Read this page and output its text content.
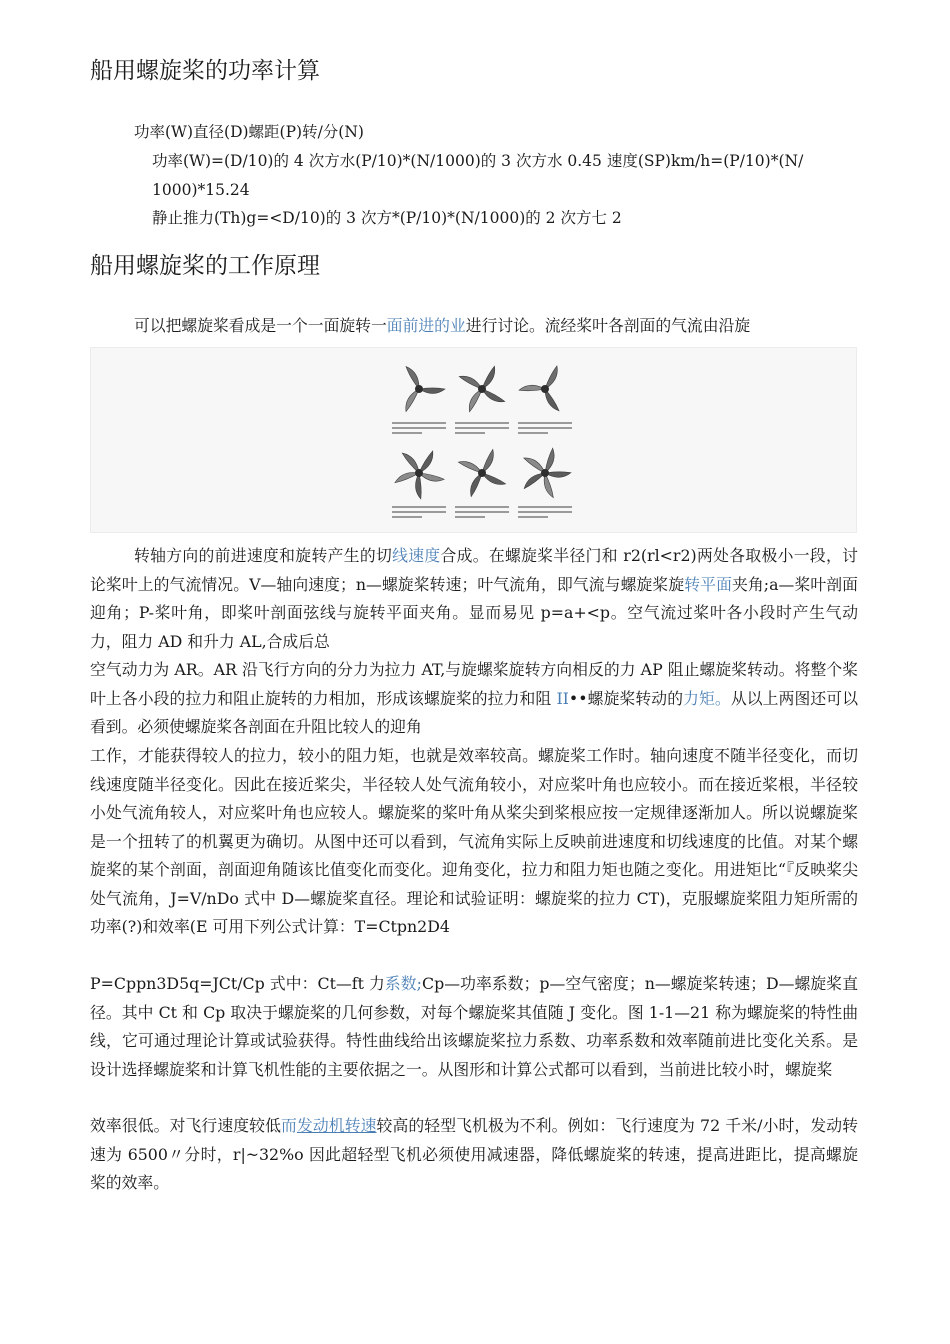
船用螺旋桨的功率计算
功率(W)直径(D)螺距(P)转/分(N)
功率(W)=(D/10)的 4 次方水(P/10)*(N/1000)的 3 次方水 0.45 速度(SP)km/h=(P/10)*(N/
1000)*15.24
静止推力(Th)g=<D/10)的 3 次方*(P/10)*(N/1000)的 2 次方七 2
船用螺旋桨的工作原理
可以把螺旋桨看成是一个一面旋转一面前进的业进行讨论。流经桨叶各剖面的气流由沿旋
转轴方向的前进速度和旋转产生的切线速度合成。在螺旋桨半径门和 r2(rl<r2)两处各取极小一段，讨论桨叶上的气流情况。V—轴向速度；n—螺旋桨转速；叶气流角，即气流与螺旋桨旋转平面夹角;a—桨叶剖面迎角；P-桨叶角，即桨叶剖面弦线与旋转平面夹角。显而易见 p=a+<p。空气流过桨叶各小段时产生气动力，阻力 AD 和升力 AL,合成后总
空气动力为 AR。AR 沿飞行方向的分力为拉力 AT,与旋螺桨旋转方向相反的力 AP 阻止螺旋桨转动。将整个桨叶上各小段的拉力和阻止旋转的力相加，形成该螺旋桨的拉力和阻 II••螺旋桨转动的力矩。从以上两图还可以看到。必须使螺旋桨各剖面在升阻比较人的迎角
工作，才能获得较人的拉力，较小的阻力矩，也就是效率较高。螺旋桨工作时。轴向速度不随半径变化，而切线速度随半径变化。因此在接近桨尖，半径较人处气流角较小，对应桨叶角也应较小。而在接近桨根，半径较小处气流角较人，对应桨叶角也应较人。螺旋桨的桨叶角从桨尖到桨根应按一定规律逐渐加人。所以说螺旋桨是一个扭转了的机翼更为确切。从图中还可以看到，气流角实际上反映前进速度和切线速度的比值。对某个螺旋桨的某个剖面，剖面迎角随该比值变化而变化。迎角变化，拉力和阻力矩也随之变化。用进矩比“『反映桨尖处气流角，J=V/nDo 式中 D—螺旋桨直径。理论和试验证明：螺旋桨的拉力 CT)，克服螺旋桨阻力矩所需的功率(?)和效率(E 可用下列公式计算：T=Ctpn2D4
P=Cppn3D5q=JCt/Cp 式中：Ct—ft 力系数;Cp—功率系数；p—空气密度；n—螺旋桨转速；D—螺旋桨直径。其中 Ct 和 Cp 取决于螺旋桨的几何参数，对每个螺旋桨其值随 J 变化。图 1-1—21 称为螺旋桨的特性曲线，它可通过理论计算或试验获得。特性曲线给出该螺旋桨拉力系数、功率系数和效率随前进比变化关系。是设计选择螺旋桨和计算飞机性能的主要依据之一。从图形和计算公式都可以看到，当前进比较小时，螺旋桨
效率很低。对飞行速度较低而发动机转速较高的轻型飞机极为不利。例如：飞行速度为 72 千米/小时，发动转速为 6500〃分时，r|~32%o 因此超轻型飞机必须使用减速器，降低螺旋桨的转速，提高进距比，提高螺旋桨的效率。
